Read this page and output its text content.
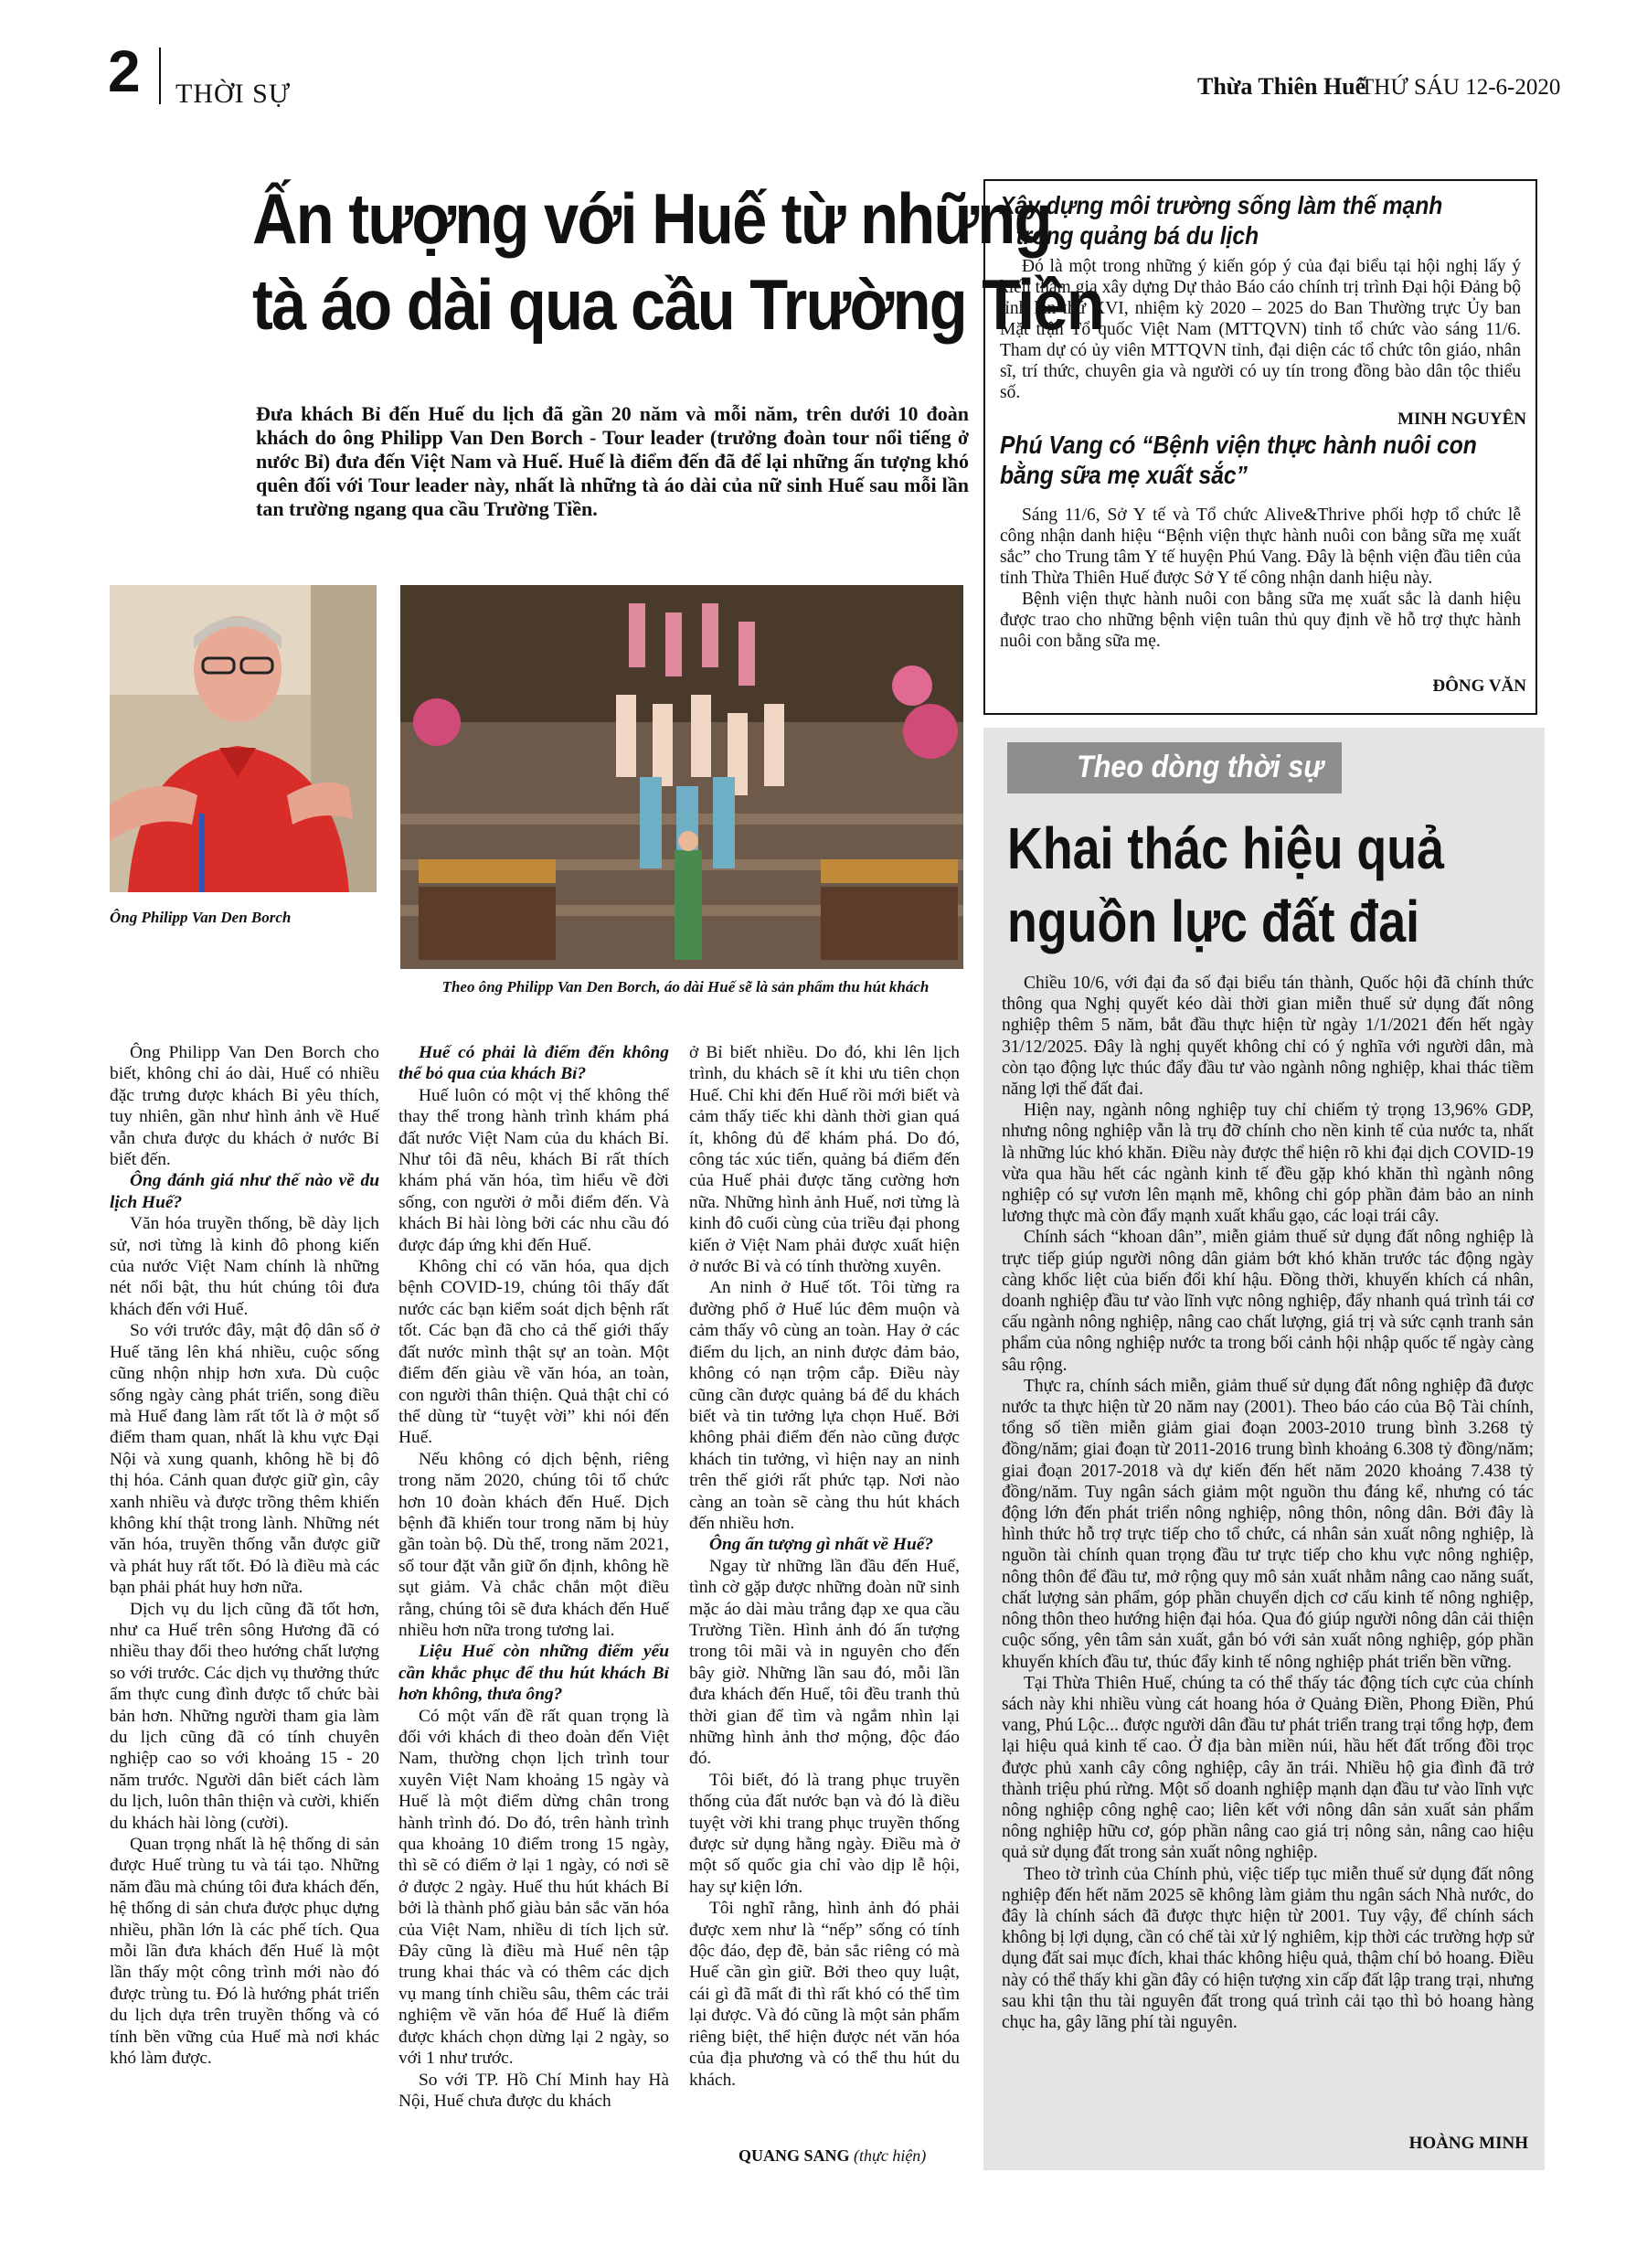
2 THỜI SỰ	Thừa Thiên Huế
THỨ SÁU 12-6-2020
Ấn tượng với Huế từ những
tà áo dài qua cầu Trường Tiền
Đưa khách Bỉ đến Huế du lịch đã gần 20 năm và mỗi năm, trên dưới 10 đoàn khách do ông Philipp Van Den Borch - Tour leader (trưởng đoàn tour nổi tiếng ở nước Bỉ) đưa đến Việt Nam và Huế. Huế là điểm đến đã để lại những ấn tượng khó quên đối với Tour leader này, nhất là những tà áo dài của nữ sinh Huế sau mỗi lần tan trường ngang qua cầu Trường Tiền.
Ông Philipp Van Den Borch
Theo ông Philipp Van Den Borch, áo dài Huế sẽ là sản phẩm thu hút khách

Ông Philipp Van Den Borch cho biết, không chỉ áo dài, Huế có nhiều đặc trưng được khách Bỉ yêu thích, tuy nhiên, gần như hình ảnh về Huế vẫn chưa được du khách ở nước Bỉ biết đến.

Ông đánh giá như thế nào về du lịch Huế?

Văn hóa truyền thống, bề dày lịch sử, nơi từng là kinh đô phong kiến của nước Việt Nam chính là những nét nổi bật, thu hút chúng tôi đưa khách đến với Huế.

So với trước đây, mật độ dân số ở Huế tăng lên khá nhiều, cuộc sống cũng nhộn nhịp hơn xưa. Dù cuộc sống ngày càng phát triển, song điều mà Huế đang làm rất tốt là ở một số điểm tham quan, nhất là khu vực Đại Nội và xung quanh, không hề bị đô thị hóa. Cảnh quan được giữ gìn, cây xanh nhiều và được trồng thêm khiến không khí thật trong lành. Những nét văn hóa, truyền thống vẫn được giữ và phát huy rất tốt. Đó là điều mà các bạn phải phát huy hơn nữa.

Dịch vụ du lịch cũng đã tốt hơn, như ca Huế trên sông Hương đã có nhiều thay đổi theo hướng chất lượng so với trước. Các dịch vụ thưởng thức ẩm thực cung đình được tổ chức bài bản hơn. Những người tham gia làm du lịch cũng đã có tính chuyên nghiệp cao so với khoảng 15 - 20 năm trước. Người dân biết cách làm du lịch, luôn thân thiện và cười, khiến du khách hài lòng (cười).

Quan trọng nhất là hệ thống di sản được Huế trùng tu và tái tạo. Những năm đầu mà chúng tôi đưa khách đến, hệ thống di sản chưa được phục dựng nhiều, phần lớn là các phế tích. Qua mỗi lần đưa khách đến Huế là một lần thấy một công trình mới nào đó được trùng tu. Đó là hướng phát triển du lịch dựa trên truyền thống và có tính bền vững của Huế mà nơi khác khó làm được.

Huế có phải là điểm đến không thể bỏ qua của khách Bỉ?

Huế luôn có một vị thế không thể thay thế trong hành trình khám phá đất nước Việt Nam của du khách Bỉ. Như tôi đã nêu, khách Bỉ rất thích khám phá văn hóa, tìm hiểu về đời sống, con người ở mỗi điểm đến. Và khách Bỉ hài lòng bởi các nhu cầu đó được đáp ứng khi đến Huế.

Không chỉ có văn hóa, qua dịch bệnh COVID-19, chúng tôi thấy đất nước các bạn kiểm soát dịch bệnh rất tốt. Các bạn đã cho cả thế giới thấy đất nước mình thật sự an toàn. Một điểm đến giàu về văn hóa, an toàn, con người thân thiện. Quả thật chỉ có thể dùng từ “tuyệt vời” khi nói đến Huế.

Nếu không có dịch bệnh, riêng trong năm 2020, chúng tôi tổ chức hơn 10 đoàn khách đến Huế. Dịch bệnh đã khiến tour trong năm bị hủy gần toàn bộ. Dù thế, trong năm 2021, số tour đặt vẫn giữ ổn định, không hề sụt giảm. Và chắc chắn một điều rằng, chúng tôi sẽ đưa khách đến Huế nhiều hơn nữa trong tương lai.

Liệu Huế còn những điểm yếu cần khắc phục để thu hút khách Bỉ hơn không, thưa ông?

Có một vấn đề rất quan trọng là đối với khách đi theo đoàn đến Việt Nam, thường chọn lịch trình tour xuyên Việt Nam khoảng 15 ngày và Huế là một điểm dừng chân trong hành trình đó. Do đó, trên hành trình qua khoảng 10 điểm trong 15 ngày, thì sẽ có điểm ở lại 1 ngày, có nơi sẽ ở được 2 ngày. Huế thu hút khách Bỉ bởi là thành phố giàu bản sắc văn hóa của Việt Nam, nhiều di tích lịch sử. Đây cũng là điều mà Huế nên tập trung khai thác và có thêm các dịch vụ mang tính chiều sâu, thêm các trải nghiệm về văn hóa để Huế là điểm được khách chọn dừng lại 2 ngày, so với 1 như trước.

So với TP. Hồ Chí Minh hay Hà Nội, Huế chưa được du khách

ở Bỉ biết nhiều. Do đó, khi lên lịch trình, du khách sẽ ít khi ưu tiên chọn Huế. Chỉ khi đến Huế rồi mới biết và cảm thấy tiếc khi dành thời gian quá ít, không đủ để khám phá. Do đó, công tác xúc tiến, quảng bá điểm đến của Huế phải được tăng cường hơn nữa. Những hình ảnh Huế, nơi từng là kinh đô cuối cùng của triều đại phong kiến ở Việt Nam phải được xuất hiện ở nước Bỉ và có tính thường xuyên.

An ninh ở Huế tốt. Tôi từng ra đường phố ở Huế lúc đêm muộn và cảm thấy vô cùng an toàn. Hay ở các điểm du lịch, an ninh được đảm bảo, không có nạn trộm cắp. Điều này cũng cần được quảng bá để du khách biết và tin tưởng lựa chọn Huế. Bởi không phải điểm đến nào cũng được khách tin tưởng, vì hiện nay an ninh trên thế giới rất phức tạp. Nơi nào càng an toàn sẽ càng thu hút khách đến nhiều hơn.

Ông ấn tượng gì nhất về Huế?

Ngay từ những lần đầu đến Huế, tình cờ gặp được những đoàn nữ sinh mặc áo dài màu trắng đạp xe qua cầu Trường Tiền. Hình ảnh đó ấn tượng trong tôi mãi và in nguyên cho đến bây giờ. Những lần sau đó, mỗi lần đưa khách đến Huế, tôi đều tranh thủ thời gian để tìm và ngắm nhìn lại những hình ảnh thơ mộng, độc đáo đó.

Tôi biết, đó là trang phục truyền thống của đất nước bạn và đó là điều tuyệt vời khi trang phục truyền thống được sử dụng hằng ngày. Điều mà ở một số quốc gia chỉ vào dịp lễ hội, hay sự kiện lớn.

Tôi nghĩ rằng, hình ảnh đó phải được xem như là “nếp” sống có tính độc đáo, đẹp đẽ, bản sắc riêng có mà Huế cần gìn giữ. Bởi theo quy luật, cái gì đã mất đi thì rất khó có thể tìm lại được. Và đó cũng là một sản phẩm riêng biệt, thể hiện được nét văn hóa của địa phương và có thể thu hút du khách.

QUANG SANG (thực hiện)
Xây dựng môi trường sống làm thế mạnh
trong quảng bá du lịch

Đó là một trong những ý kiến góp ý của đại biểu tại hội nghị lấy ý kiến tham gia xây dựng Dự thảo Báo cáo chính trị trình Đại hội Đảng bộ tỉnh lần thứ XVI, nhiệm kỳ 2020 – 2025 do Ban Thường trực Ủy ban Mặt trận Tổ quốc Việt Nam (MTTQVN) tỉnh tổ chức vào sáng 11/6. Tham dự có ủy viên MTTQVN tỉnh, đại diện các tổ chức tôn giáo, nhân sĩ, trí thức, chuyên gia và người có uy tín trong đồng bào dân tộc thiểu số.

MINH NGUYÊN
Phú Vang có “Bệnh viện thực hành nuôi con
bằng sữa mẹ xuất sắc”

Sáng 11/6, Sở Y tế và Tổ chức Alive&Thrive phối hợp tổ chức lễ công nhận danh hiệu “Bệnh viện thực hành nuôi con bằng sữa mẹ xuất sắc” cho Trung tâm Y tế huyện Phú Vang. Đây là bệnh viện đầu tiên của tỉnh Thừa Thiên Huế được Sở Y tế công nhận danh hiệu này.

Bệnh viện thực hành nuôi con bằng sữa mẹ xuất sắc là danh hiệu được trao cho những bệnh viện tuân thủ quy định về hỗ trợ thực hành nuôi con bằng sữa mẹ.

ĐÔNG VĂN
Theo dòng thời sự
Khai thác hiệu quả
nguồn lực đất đai

Chiều 10/6, với đại đa số đại biểu tán thành, Quốc hội đã chính thức thông qua Nghị quyết kéo dài thời gian miễn thuế sử dụng đất nông nghiệp thêm 5 năm, bắt đầu thực hiện từ ngày 1/1/2021 đến hết ngày 31/12/2025. Đây là nghị quyết không chỉ có ý nghĩa với người dân, mà còn tạo động lực thúc đẩy đầu tư vào ngành nông nghiệp, khai thác tiềm năng lợi thế đất đai.

Hiện nay, ngành nông nghiệp tuy chỉ chiếm tỷ trọng 13,96% GDP, nhưng nông nghiệp vẫn là trụ đỡ chính cho nền kinh tế của nước ta, nhất là những lúc khó khăn. Điều này được thể hiện rõ khi đại dịch COVID-19 vừa qua hầu hết các ngành kinh tế đều gặp khó khăn thì ngành nông nghiệp có sự vươn lên mạnh mẽ, không chỉ góp phần đảm bảo an ninh lương thực mà còn đẩy mạnh xuất khẩu gạo, các loại trái cây.

Chính sách “khoan dân”, miễn giảm thuế sử dụng đất nông nghiệp là trực tiếp giúp người nông dân giảm bớt khó khăn trước tác động ngày càng khốc liệt của biến đổi khí hậu. Đồng thời, khuyến khích cá nhân, doanh nghiệp đầu tư vào lĩnh vực nông nghiệp, đẩy nhanh quá trình tái cơ cấu ngành nông nghiệp, nâng cao chất lượng, giá trị và sức cạnh tranh sản phẩm của nông nghiệp nước ta trong bối cảnh hội nhập quốc tế ngày càng sâu rộng.

Thực ra, chính sách miễn, giảm thuế sử dụng đất nông nghiệp đã được nước ta thực hiện từ 20 năm nay (2001). Theo báo cáo của Bộ Tài chính, tổng số tiền miễn giảm giai đoạn 2003-2010 trung bình 3.268 tỷ đồng/năm; giai đoạn từ 2011-2016 trung bình khoảng 6.308 tỷ đồng/năm; giai đoạn 2017-2018 và dự kiến đến hết năm 2020 khoảng 7.438 tỷ đồng/năm. Tuy ngân sách giảm một nguồn thu đáng kể, nhưng có tác động lớn đến phát triển nông nghiệp, nông thôn, nông dân. Bởi đây là hình thức hỗ trợ trực tiếp cho tổ chức, cá nhân sản xuất nông nghiệp, là nguồn tài chính quan trọng đầu tư trực tiếp cho khu vực nông nghiệp, nông thôn để đầu tư, mở rộng quy mô sản xuất nhằm nâng cao năng suất, chất lượng sản phẩm, góp phần chuyển dịch cơ cấu kinh tế nông nghiệp, nông thôn theo hướng hiện đại hóa. Qua đó giúp người nông dân cải thiện cuộc sống, yên tâm sản xuất, gắn bó với sản xuất nông nghiệp, góp phần khuyến khích đầu tư, thúc đẩy kinh tế nông nghiệp phát triển bền vững.

Tại Thừa Thiên Huế, chúng ta có thể thấy tác động tích cực của chính sách này khi nhiều vùng cát hoang hóa ở Quảng Điền, Phong Điền, Phú vang, Phú Lộc... được người dân đầu tư phát triển trang trại tổng hợp, đem lại hiệu quả kinh tế cao. Ở địa bàn miền núi, hầu hết đất trống đồi trọc được phủ xanh cây công nghiệp, cây ăn trái. Nhiều hộ gia đình đã trở thành triệu phú rừng. Một số doanh nghiệp mạnh dạn đầu tư vào lĩnh vực nông nghiệp công nghệ cao; liên kết với nông dân sản xuất sản phẩm nông nghiệp hữu cơ, góp phần nâng cao giá trị nông sản, nâng cao hiệu quả sử dụng đất trong sản xuất nông nghiệp.

Theo tờ trình của Chính phủ, việc tiếp tục miễn thuế sử dụng đất nông nghiệp đến hết năm 2025 sẽ không làm giảm thu ngân sách Nhà nước, do đây là chính sách đã được thực hiện từ 2001. Tuy vậy, để chính sách không bị lợi dụng, cần có chế tài xử lý nghiêm, kịp thời các trường hợp sử dụng đất sai mục đích, khai thác không hiệu quả, thậm chí bỏ hoang. Điều này có thể thấy khi gần đây có hiện tượng xin cấp đất lập trang trại, nhưng sau khi tận thu tài nguyên đất trong quá trình cải tạo thì bỏ hoang hàng chục ha, gây lãng phí tài nguyên.

HOÀNG MINH
